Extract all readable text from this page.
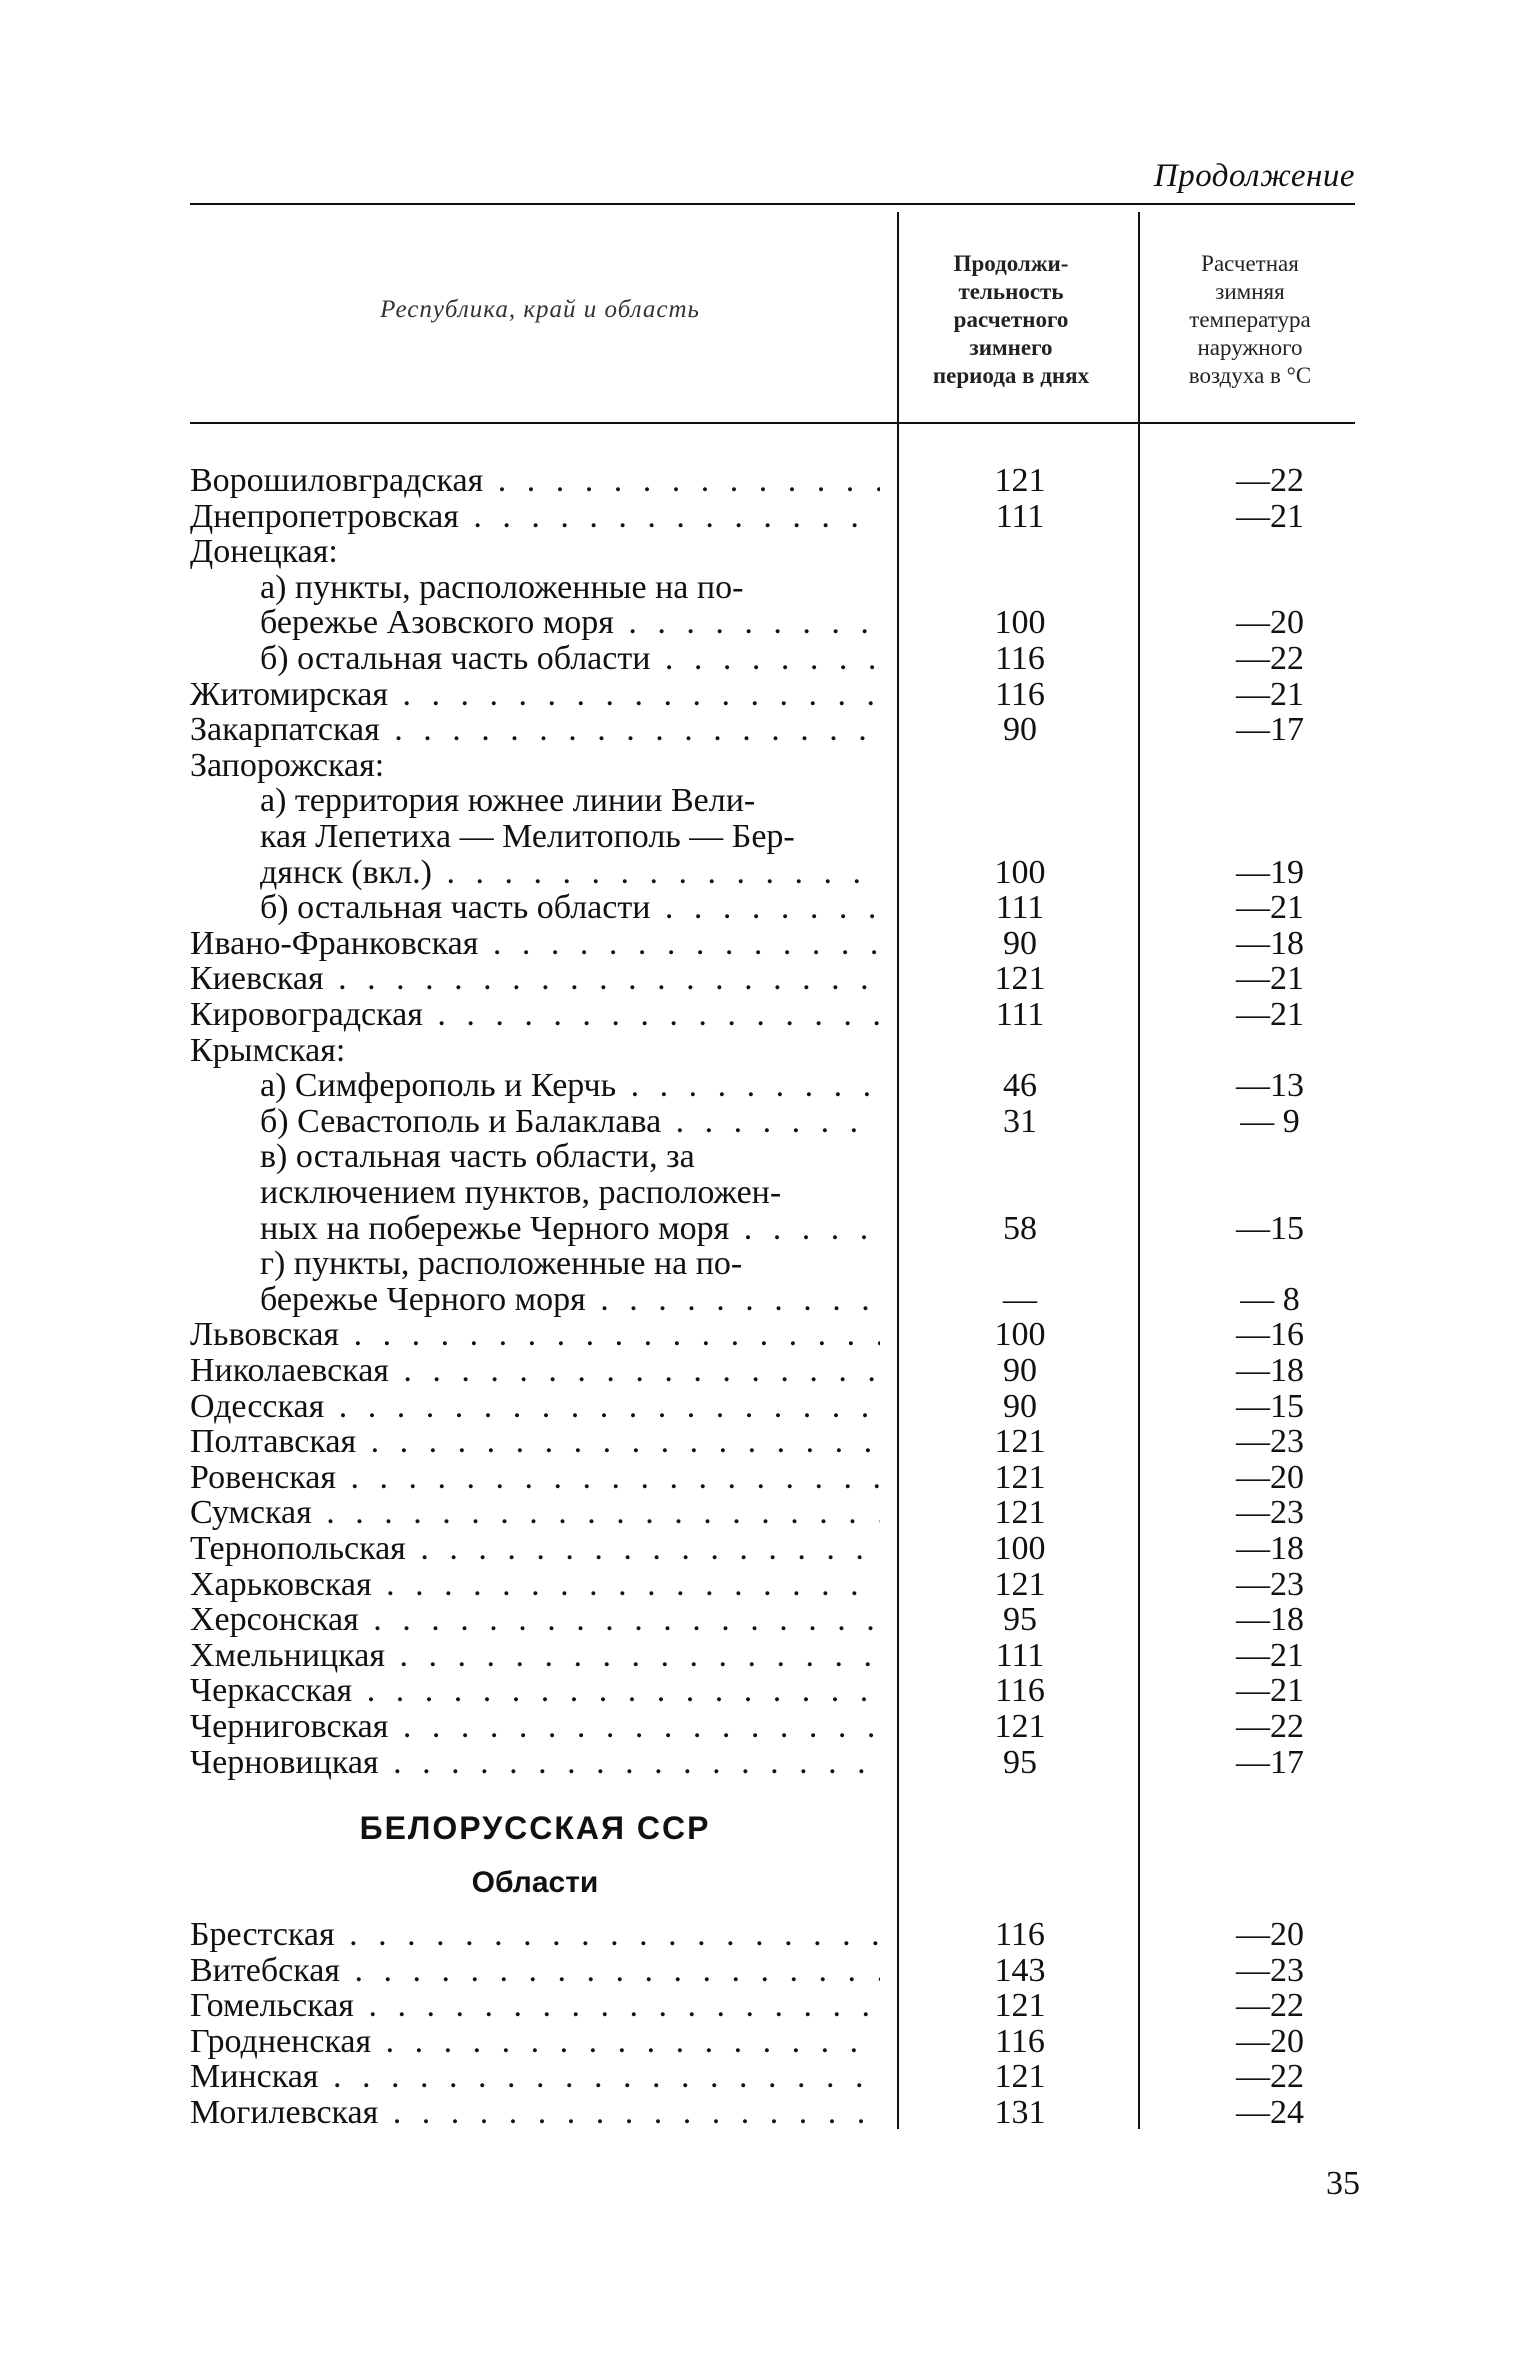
Продолжение
Республика, край и область
Продолжи-
тельность
расчетного
зимнего
периода в днях
Расчетная
зимняя
температура
наружного
воздуха в °С
Ворошиловградская . . .	121	—22
Днепропетровская . . .	111	—21
Донецкая:
а) пункты, расположенные на по-
бережье Азовского моря . . .	100	—20
б) остальная часть области . . .	116	—22
Житомирская . . .	116	—21
Закарпатская . . .	90	—17
Запорожская:
а) территория южнее линии Вели-
кая Лепетиха — Мелитополь — Бер-
дянск (вкл.) . . .	100	—19
б) остальная часть области . . .	111	—21
Ивано-Франковская . . .	90	—18
Киевская . . .	121	—21
Кировоградская . . .	111	—21
Крымская:
а) Симферополь и Керчь . . .	46	—13
б) Севастополь и Балаклава . . .	31	— 9
в) остальная часть области, за
исключением пунктов, расположен-
ных на побережье Черного моря . . .	58	—15
г) пункты, расположенные на по-
бережье Черного моря . . .	—	— 8
Львовская . . .	100	—16
Николаевская . . .	90	—18
Одесская . . .	90	—15
Полтавская . . .	121	—23
Ровенская . . .	121	—20
Сумская . . .	121	—23
Тернопольская . . .	100	—18
Харьковская . . .	121	—23
Херсонская . . .	95	—18
Хмельницкая . . .	111	—21
Черкасская . . .	116	—21
Черниговская . . .	121	—22
Черновицкая . . .	95	—17
БЕЛОРУССКАЯ ССР
Области
Брестская . . .	116	—20
Витебская . . .	143	—23
Гомельская . . .	121	—22
Гродненская . . .	116	—20
Минская . . .	121	—22
Могилевская . . .	131	—24
35
